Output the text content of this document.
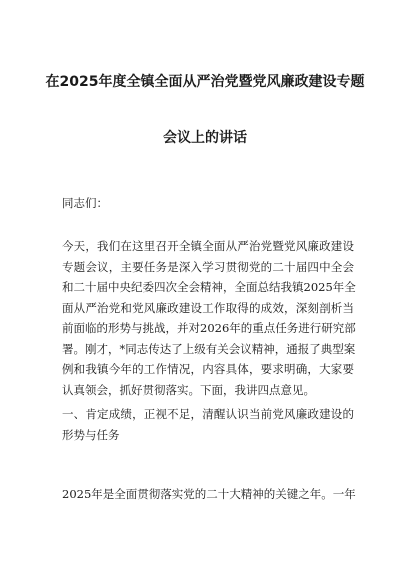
在2025年度全镇全面从严治党暨党风廉政建设专题
会议上的讲话
同志们：
今天，我们在这里召开全镇全面从严治党暨党风廉政建设
专题会议，主要任务是深入学习贯彻党的二十届四中全会
和二十届中央纪委四次全会精神，全面总结我镇2025年全
面从严治党和党风廉政建设工作取得的成效，深刻剖析当
前面临的形势与挑战，并对2026年的重点任务进行研究部
署。刚才，*同志传达了上级有关会议精神，通报了典型案
例和我镇今年的工作情况，内容具体，要求明确，大家要
认真领会，抓好贯彻落实。下面，我讲四点意见。
一、肯定成绩，正视不足，清醒认识当前党风廉政建设的
形势与任务
2025年是全面贯彻落实党的二十大精神的关键之年。一年
